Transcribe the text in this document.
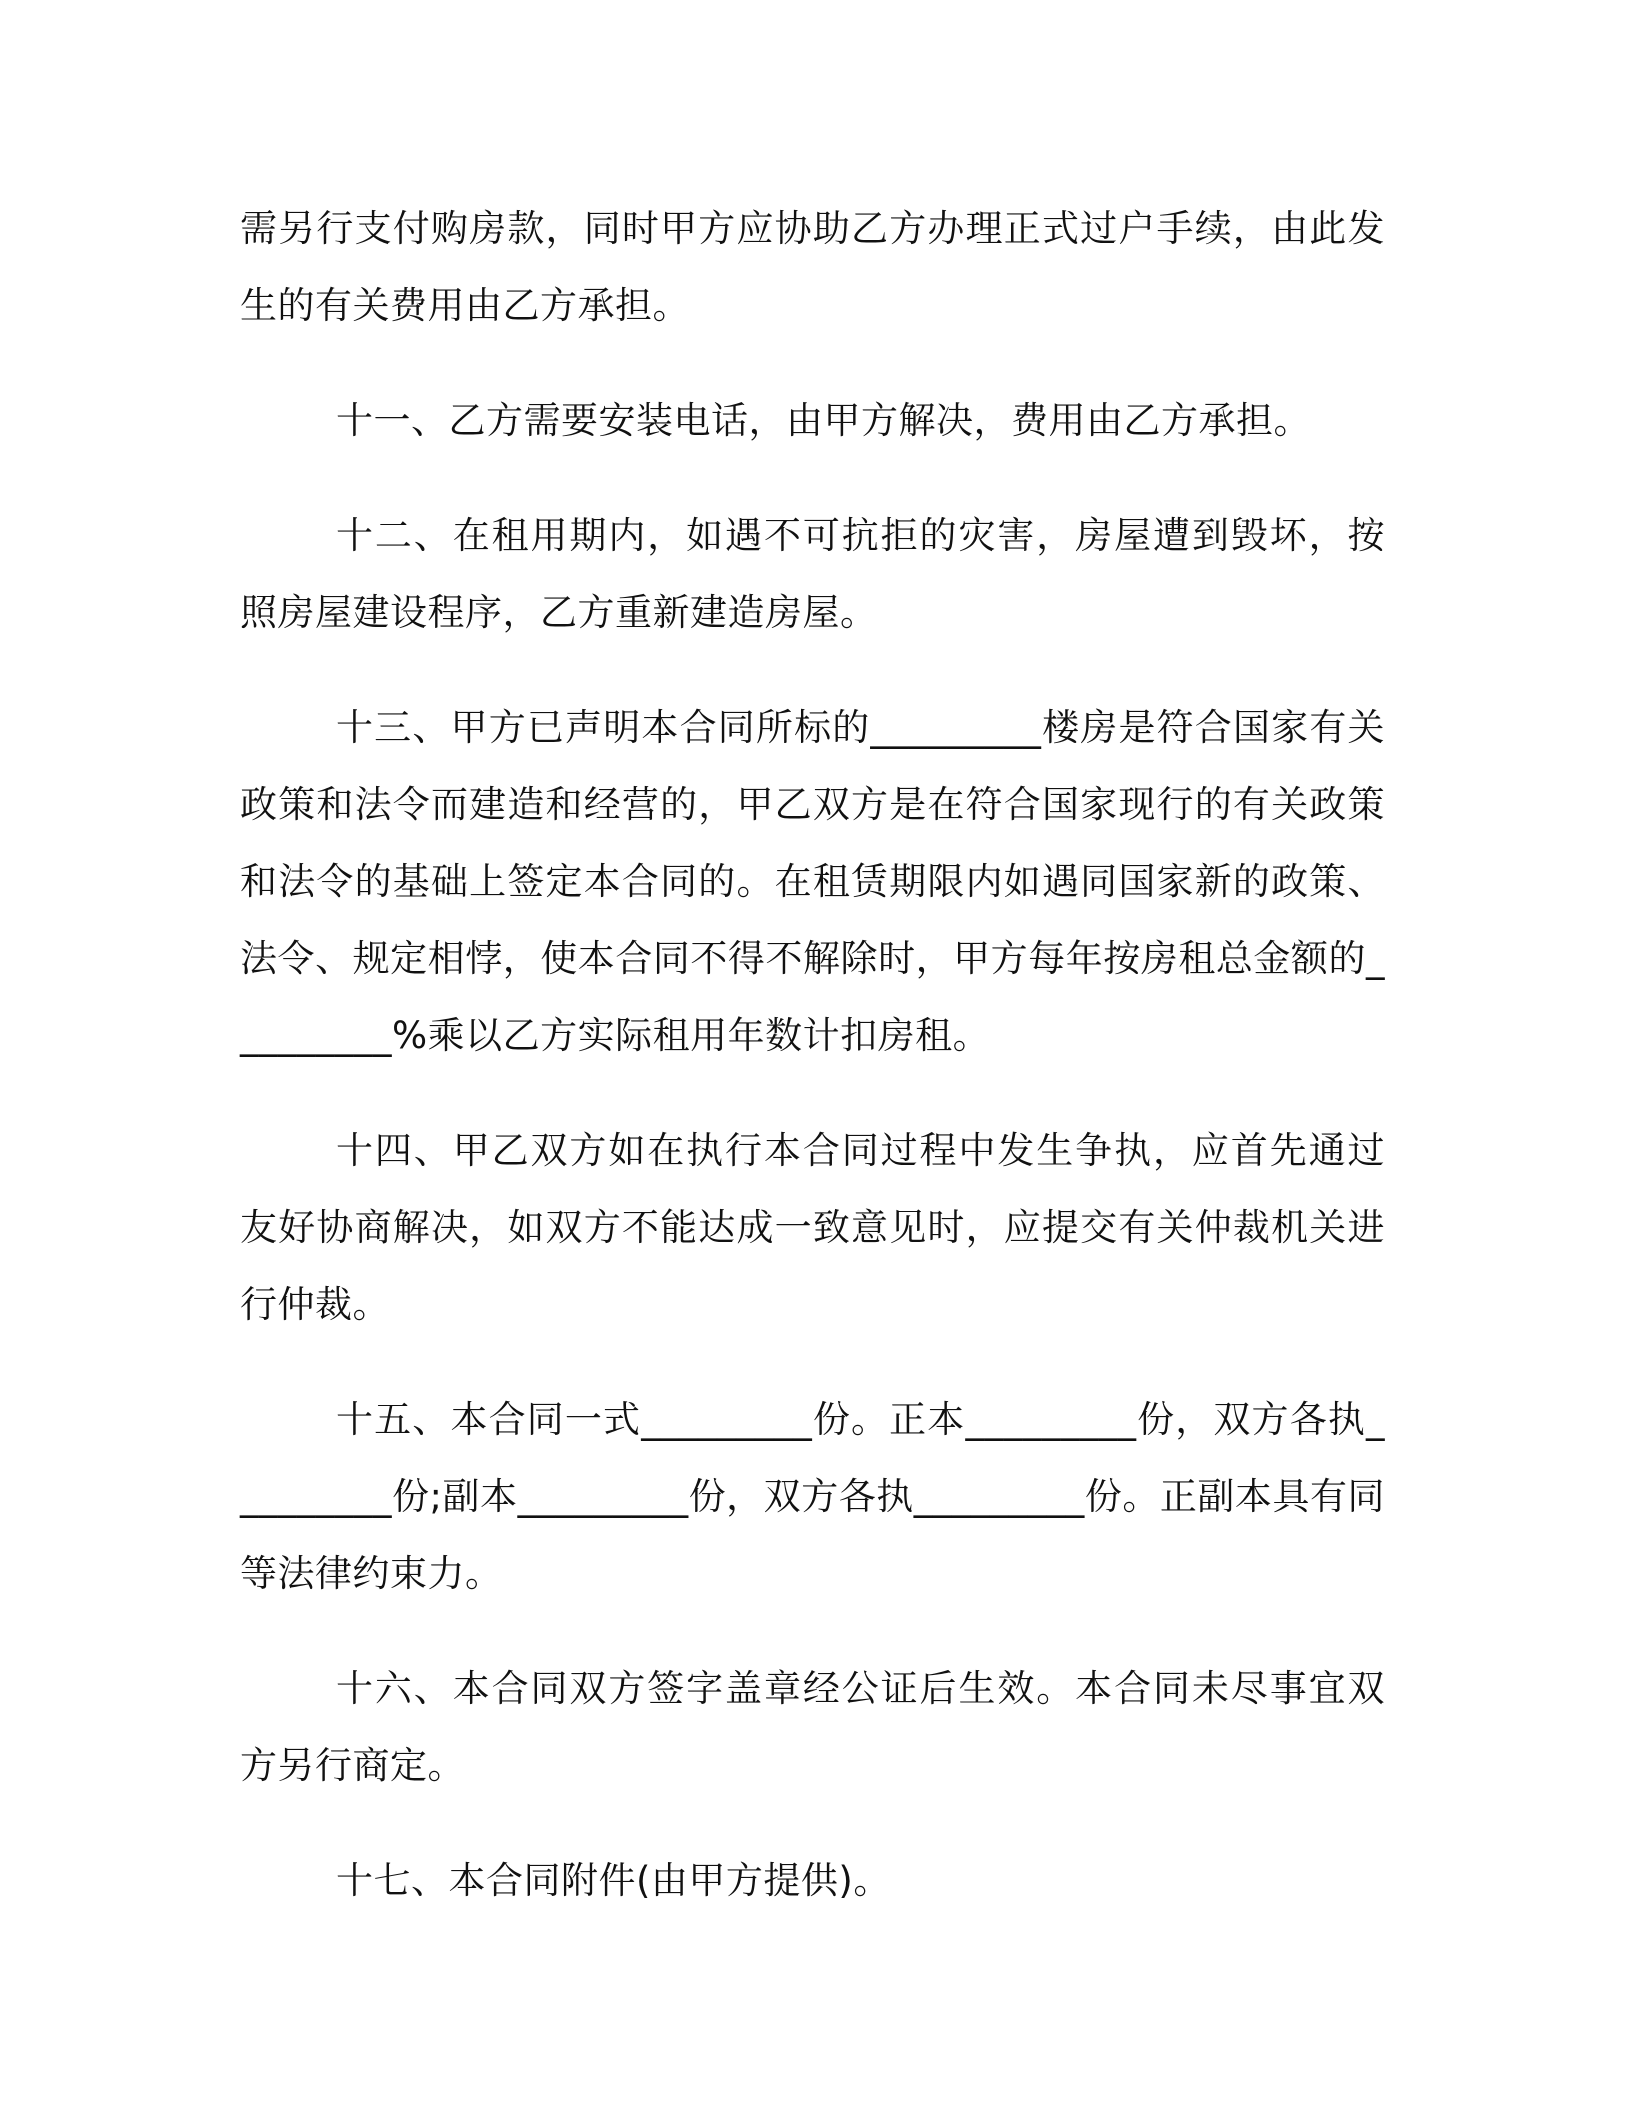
需另行支付购房款，同时甲方应协助乙方办理正式过户手续，由此发生的有关费用由乙方承担。

十一、乙方需要安装电话，由甲方解决，费用由乙方承担。

十二、在租用期内，如遇不可抗拒的灾害，房屋遭到毁坏，按照房屋建设程序，乙方重新建造房屋。

十三、甲方已声明本合同所标的_________楼房是符合国家有关政策和法令而建造和经营的，甲乙双方是在符合国家现行的有关政策和法令的基础上签定本合同的。在租赁期限内如遇同国家新的政策、法令、规定相悖，使本合同不得不解除时，甲方每年按房租总金额的_________%乘以乙方实际租用年数计扣房租。

十四、甲乙双方如在执行本合同过程中发生争执，应首先通过友好协商解决，如双方不能达成一致意见时，应提交有关仲裁机关进行仲裁。

十五、本合同一式_________份。正本_________份，双方各执_________份;副本_________份，双方各执_________份。正副本具有同等法律约束力。

十六、本合同双方签字盖章经公证后生效。本合同未尽事宜双方另行商定。

十七、本合同附件(由甲方提供)。
